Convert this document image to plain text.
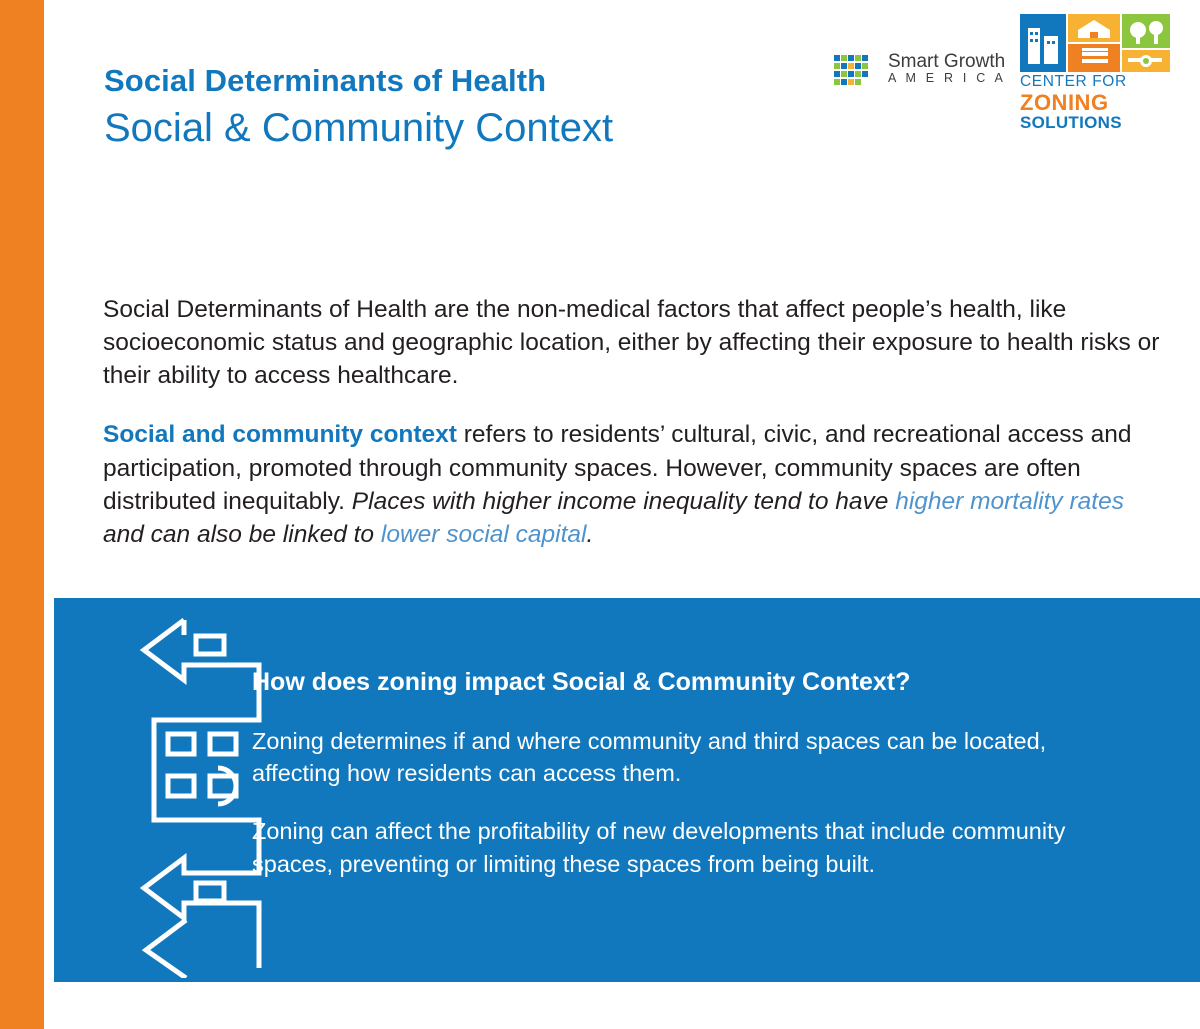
Social Determinants of Health
Social & Community Context
Smart Growth
A M E R I C A CENTER FOR
ZONING
SOLUTIONS

Social Determinants of Health are the non-medical factors that affect people’s health, like socioeconomic status and geographic location, either by affecting their exposure to health risks or their ability to access healthcare.

Social and community context refers to residents’ cultural, civic, and recreational access and participation, promoted through community spaces. However, community spaces are often distributed inequitably. Places with higher income inequality tend to have higher mortality rates and can also be linked to lower social capital.

How does zoning impact Social & Community Context?

Zoning determines if and where community and third spaces can be located, affecting how residents can access them.

Zoning can affect the profitability of new developments that include community spaces, preventing or limiting these spaces from being built.
